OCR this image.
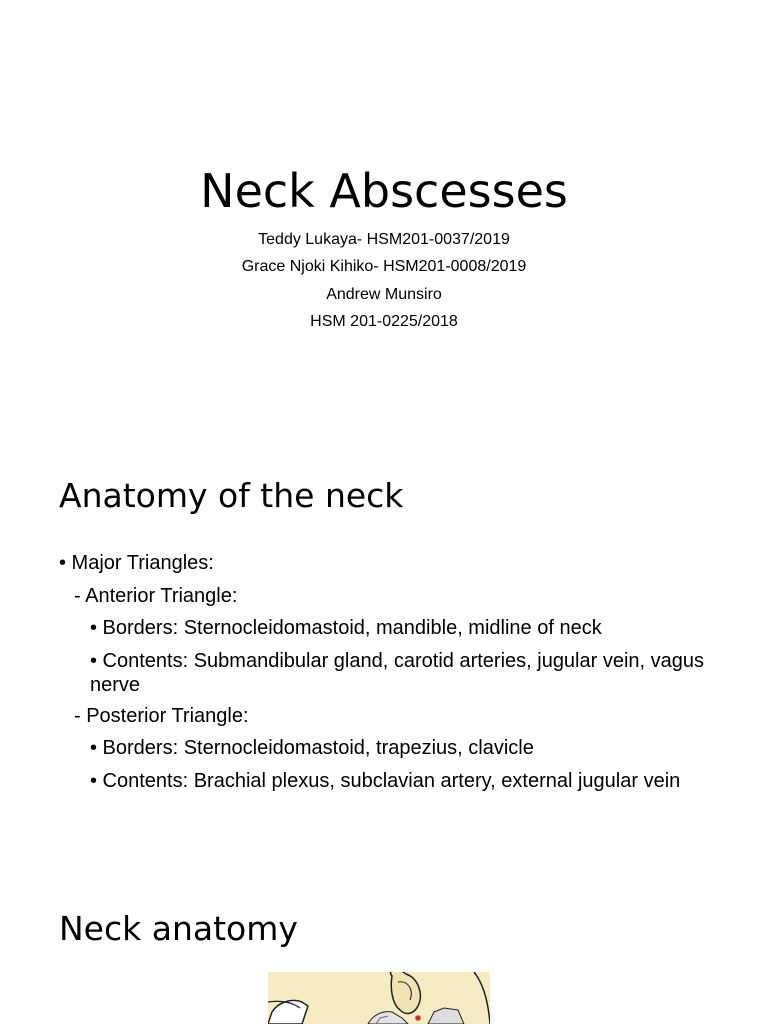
Neck Abscesses
Teddy Lukaya- HSM201-0037/2019
Grace Njoki Kihiko- HSM201-0008/2019
Andrew Munsiro
HSM 201-0225/2018
Anatomy of the neck
• Major Triangles:
- Anterior Triangle:
• Borders: Sternocleidomastoid, mandible, midline of neck
• Contents: Submandibular gland, carotid arteries, jugular vein, vagus nerve
- Posterior Triangle:
• Borders: Sternocleidomastoid, trapezius, clavicle
• Contents: Brachial plexus, subclavian artery, external jugular vein
Neck anatomy
